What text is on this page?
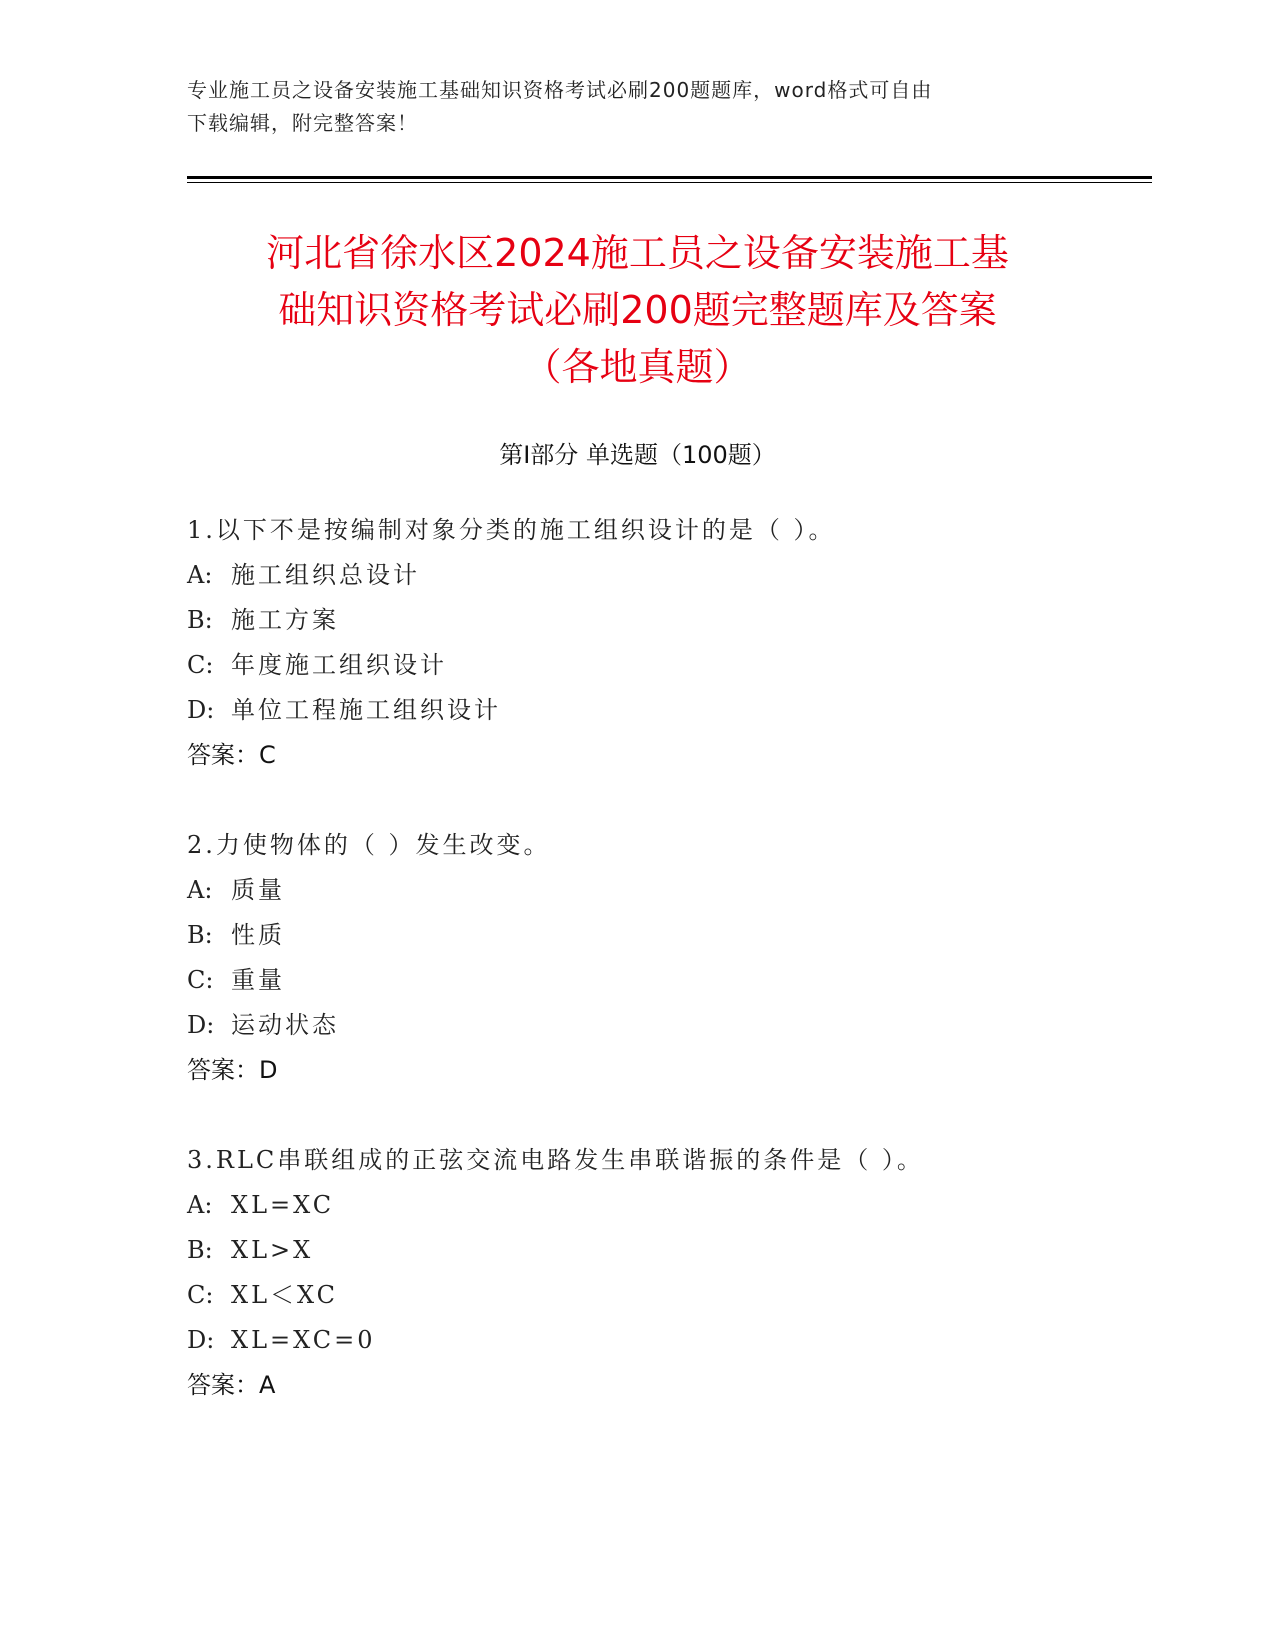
专业施工员之设备安装施工基础知识资格考试必刷200题题库，word格式可自由
下载编辑，附完整答案！
河北省徐水区2024施工员之设备安装施工基
础知识资格考试必刷200题完整题库及答案
（各地真题）
第Ⅰ部分 单选题（100题）
1.以下不是按编制对象分类的施工组织设计的是（ ）。
A: 施工组织总设计
B: 施工方案
C: 年度施工组织设计
D: 单位工程施工组织设计
答案：C
2.力使物体的（ ）发生改变。
A: 质量
B: 性质
C: 重量
D: 运动状态
答案：D
3.RLC串联组成的正弦交流电路发生串联谐振的条件是（ ）。
A: XL=XC
B: XL>X
C: XL＜XC
D: XL=XC=0
答案：A
